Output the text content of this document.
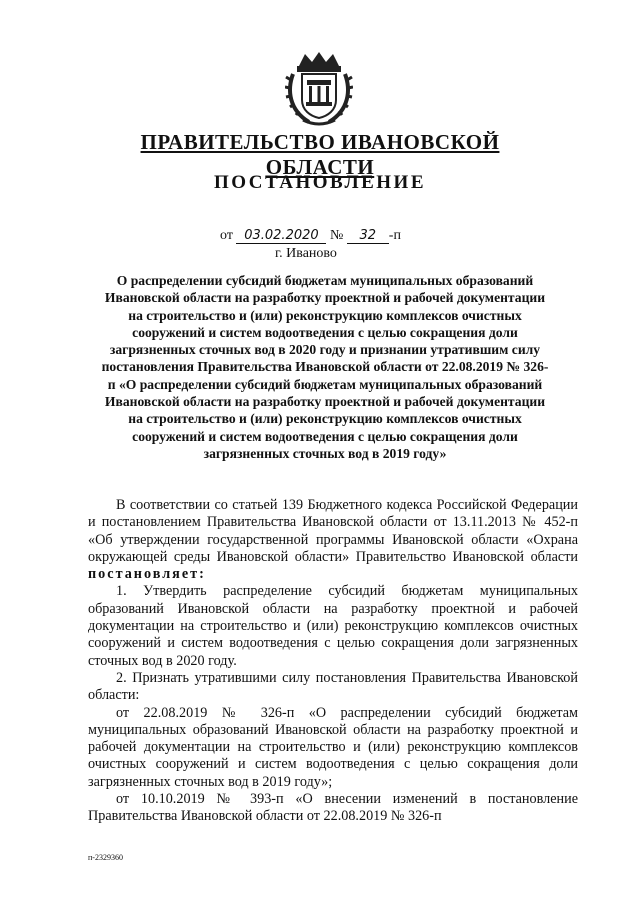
ПРАВИТЕЛЬСТВО ИВАНОВСКОЙ ОБЛАСТИ
ПОСТАНОВЛЕНИЕ
от 03.02.2020 № 32 -п
г. Иваново
О распределении субсидий бюджетам муниципальных образований Ивановской области на разработку проектной и рабочей документации на строительство и (или) реконструкцию комплексов очистных сооружений и систем водоотведения с целью сокращения доли загрязненных сточных вод в 2020 году и признании утратившим силу постановления Правительства Ивановской области от 22.08.2019 № 326-п «О распределении субсидий бюджетам муниципальных образований Ивановской области на разработку проектной и рабочей документации на строительство и (или) реконструкцию комплексов очистных сооружений и систем водоотведения с целью сокращения доли загрязненных сточных вод в 2019 году»

В соответствии со статьей 139 Бюджетного кодекса Российской Федерации и постановлением Правительства Ивановской области от 13.11.2013 № 452-п «Об утверждении государственной программы Ивановской области «Охрана окружающей среды Ивановской области» Правительство Ивановской области постановляет:

1. Утвердить распределение субсидий бюджетам муниципальных образований Ивановской области на разработку проектной и рабочей документации на строительство и (или) реконструкцию комплексов очистных сооружений и систем водоотведения с целью сокращения доли загрязненных сточных вод в 2020 году.

2. Признать утратившими силу постановления Правительства Ивановской области:

от 22.08.2019 № 326-п «О распределении субсидий бюджетам муниципальных образований Ивановской области на разработку проектной и рабочей документации на строительство и (или) реконструкцию комплексов очистных сооружений и систем водоотведения с целью сокращения доли загрязненных сточных вод в 2019 году»;

от 10.10.2019 № 393-п «О внесении изменений в постановление Правительства Ивановской области от 22.08.2019 № 326-п

п-2329360
